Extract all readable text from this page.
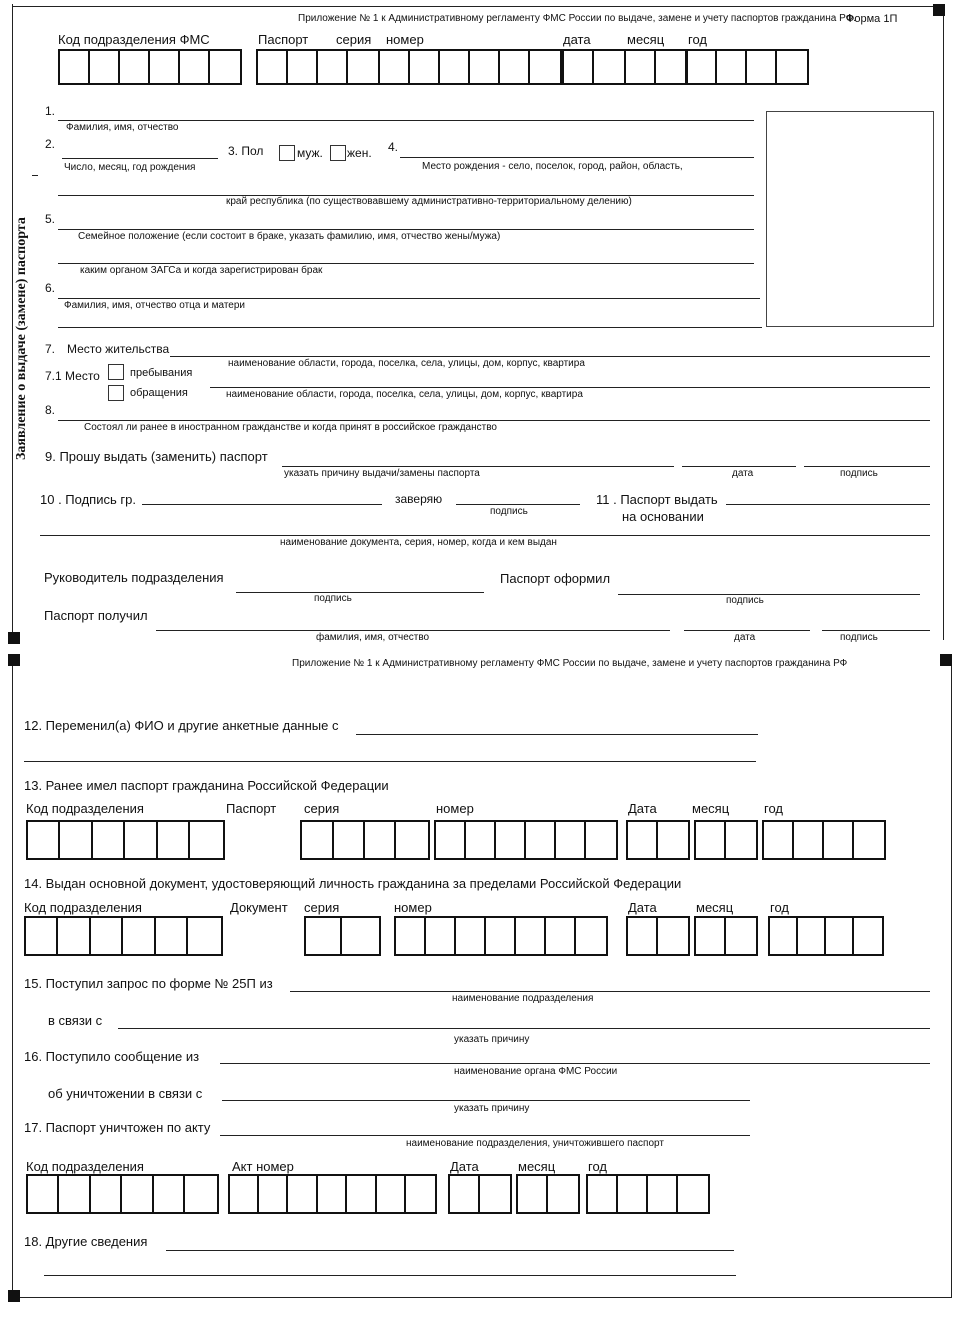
Приложение № 1 к Административному регламенту ФМС России по выдаче, замене и учету паспортов гражданина РФ.
Форма 1П
Заявление о выдаче (замене) паспорта
Код подразделения ФМС	Паспорт серия номер	дата	месяц год
1.
Фамилия, имя, отчество
2.
Число, месяц, год рождения
3. Пол	муж. жен. 4.
Место рождения - село, поселок, город, район, область,
край республика (по существовавшему административно-территориальному делению)
5.
Семейное положение (если состоит в браке, указать фамилию, имя, отчество жены/мужа)
каким органом ЗАГСа и когда зарегистрирован брак
6.
Фамилия, имя, отчество отца и матери
7. Место жительства
наименование области, города, поселка, села, улицы, дом, корпус, квартира
7.1 Место	пребывания
обращения	наименование области, города, поселка, села, улицы, дом, корпус, квартира
8.
Состоял ли ранее в иностранном гражданстве и когда принят в российское гражданство
9. Прошу выдать (заменить) паспорт
указать причину выдачи/замены паспорта	дата	подпись
10 . Подпись гр.	заверяю
подпись
11 . Паспорт выдать
на основании
наименование документа, серия, номер, когда и кем выдан
Руководитель подразделения
подпись
Паспорт оформил
подпись
Паспорт получил
фамилия, имя, отчество	дата	подпись
Приложение № 1 к Административному регламенту ФМС России по выдаче, замене и учету паспортов гражданина РФ
12. Переменил(а) ФИО и другие анкетные данные с
13. Ранее имел паспорт гражданина Российской Федерации
Код подразделения	Паспорт серия	номер	Дата	месяц	год
14. Выдан основной документ, удостоверяющий личность гражданина за пределами Российской Федерации
Код подразделения	Документ серия	номер	Дата	месяц	год
15. Поступил запрос по форме № 25П из
наименование подразделения
в связи с
указать причину
16. Поступило сообщение из
наименование органа ФМС России
об уничтожении в связи с
указать причину
17. Паспорт уничтожен по акту
наименование подразделения, уничтожившего паспорт
Код подразделения	Акт номер	Дата	месяц	год
18. Другие сведения
